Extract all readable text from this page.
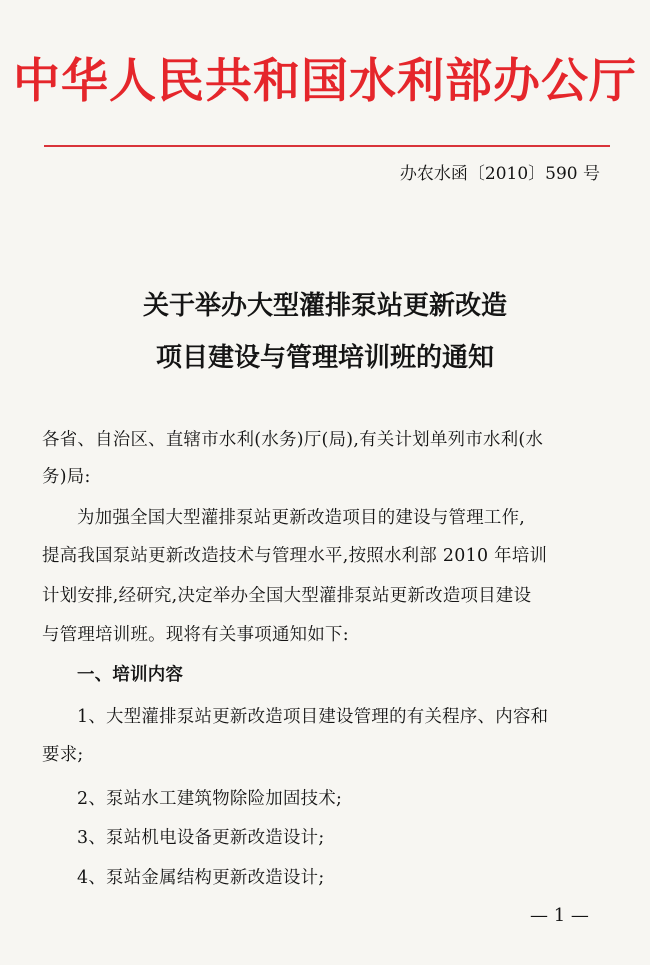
中华人民共和国水利部办公厅
办农水函〔2010〕590 号
关于举办大型灌排泵站更新改造
项目建设与管理培训班的通知
各省、自治区、直辖市水利(水务)厅(局),有关计划单列市水利(水
务)局:
为加强全国大型灌排泵站更新改造项目的建设与管理工作,
提高我国泵站更新改造技术与管理水平,按照水利部 2010 年培训
计划安排,经研究,决定举办全国大型灌排泵站更新改造项目建设
与管理培训班。现将有关事项通知如下:
一、培训内容
1、大型灌排泵站更新改造项目建设管理的有关程序、内容和
要求;
2、泵站水工建筑物除险加固技术;
3、泵站机电设备更新改造设计;
4、泵站金属结构更新改造设计;
— 1 —
